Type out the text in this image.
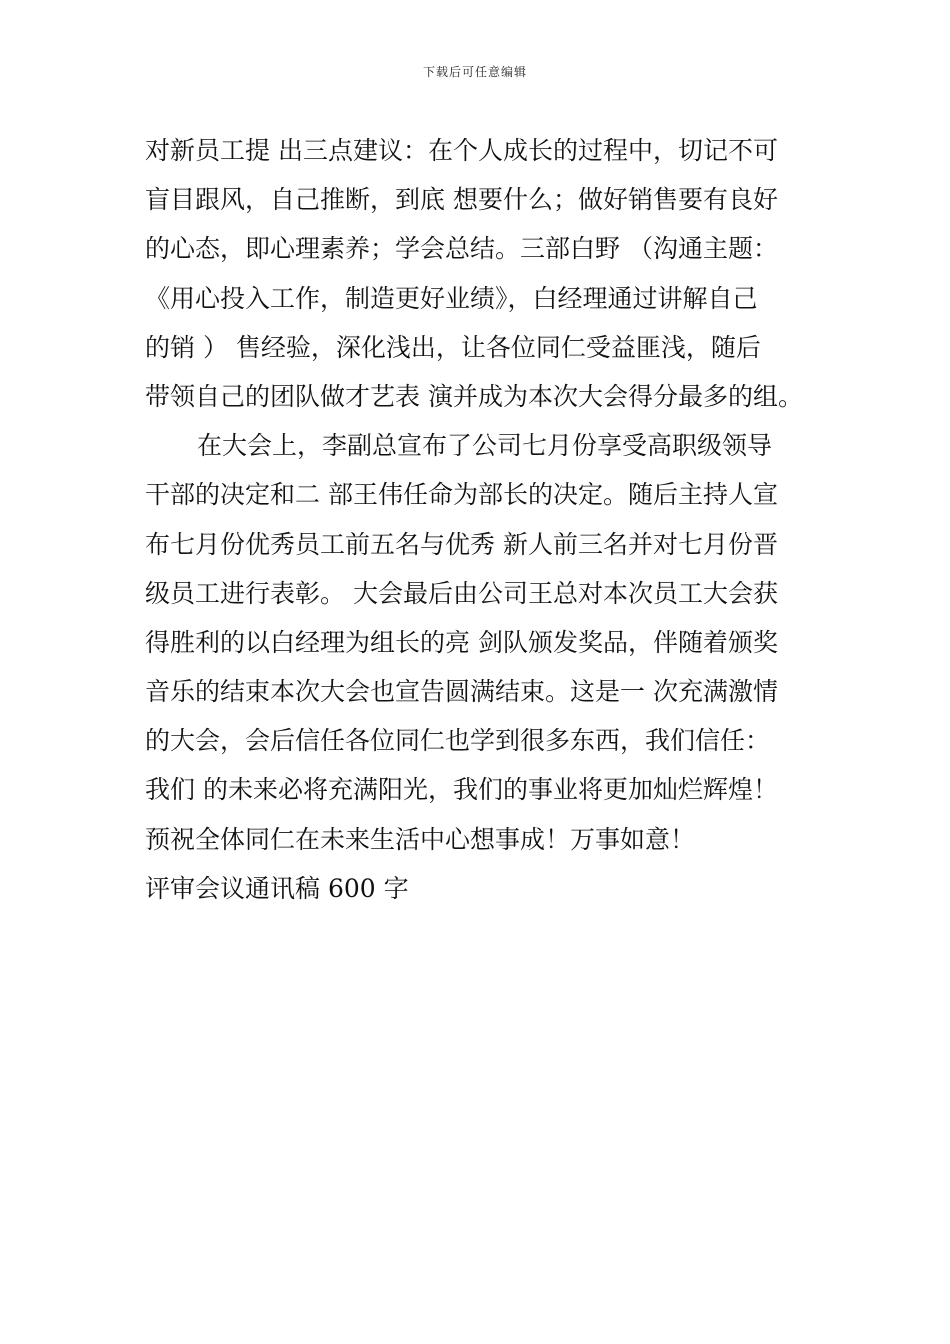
下载后可任意编辑
对新员工提 出三点建议：在个人成长的过程中，切记不可
盲目跟风，自己推断，到底 想要什么；做好销售要有良好
的心态，即心理素养；学会总结。三部白野 （沟通主题：
《用心投入工作，制造更好业绩》，白经理通过讲解自己
的销 ） 售经验，深化浅出，让各位同仁受益匪浅，随后
带领自己的团队做才艺表 演并成为本次大会得分最多的组。
在大会上，李副总宣布了公司七月份享受高职级领导
干部的决定和二 部王伟任命为部长的决定。随后主持人宣
布七月份优秀员工前五名与优秀 新人前三名并对七月份晋
级员工进行表彰。 大会最后由公司王总对本次员工大会获
得胜利的以白经理为组长的亮 剑队颁发奖品，伴随着颁奖
音乐的结束本次大会也宣告圆满结束。这是一 次充满激情
的大会，会后信任各位同仁也学到很多东西，我们信任：
我们 的未来必将充满阳光，我们的事业将更加灿烂辉煌！
预祝全体同仁在未来生活中心想事成！万事如意！
评审会议通讯稿 600 字
